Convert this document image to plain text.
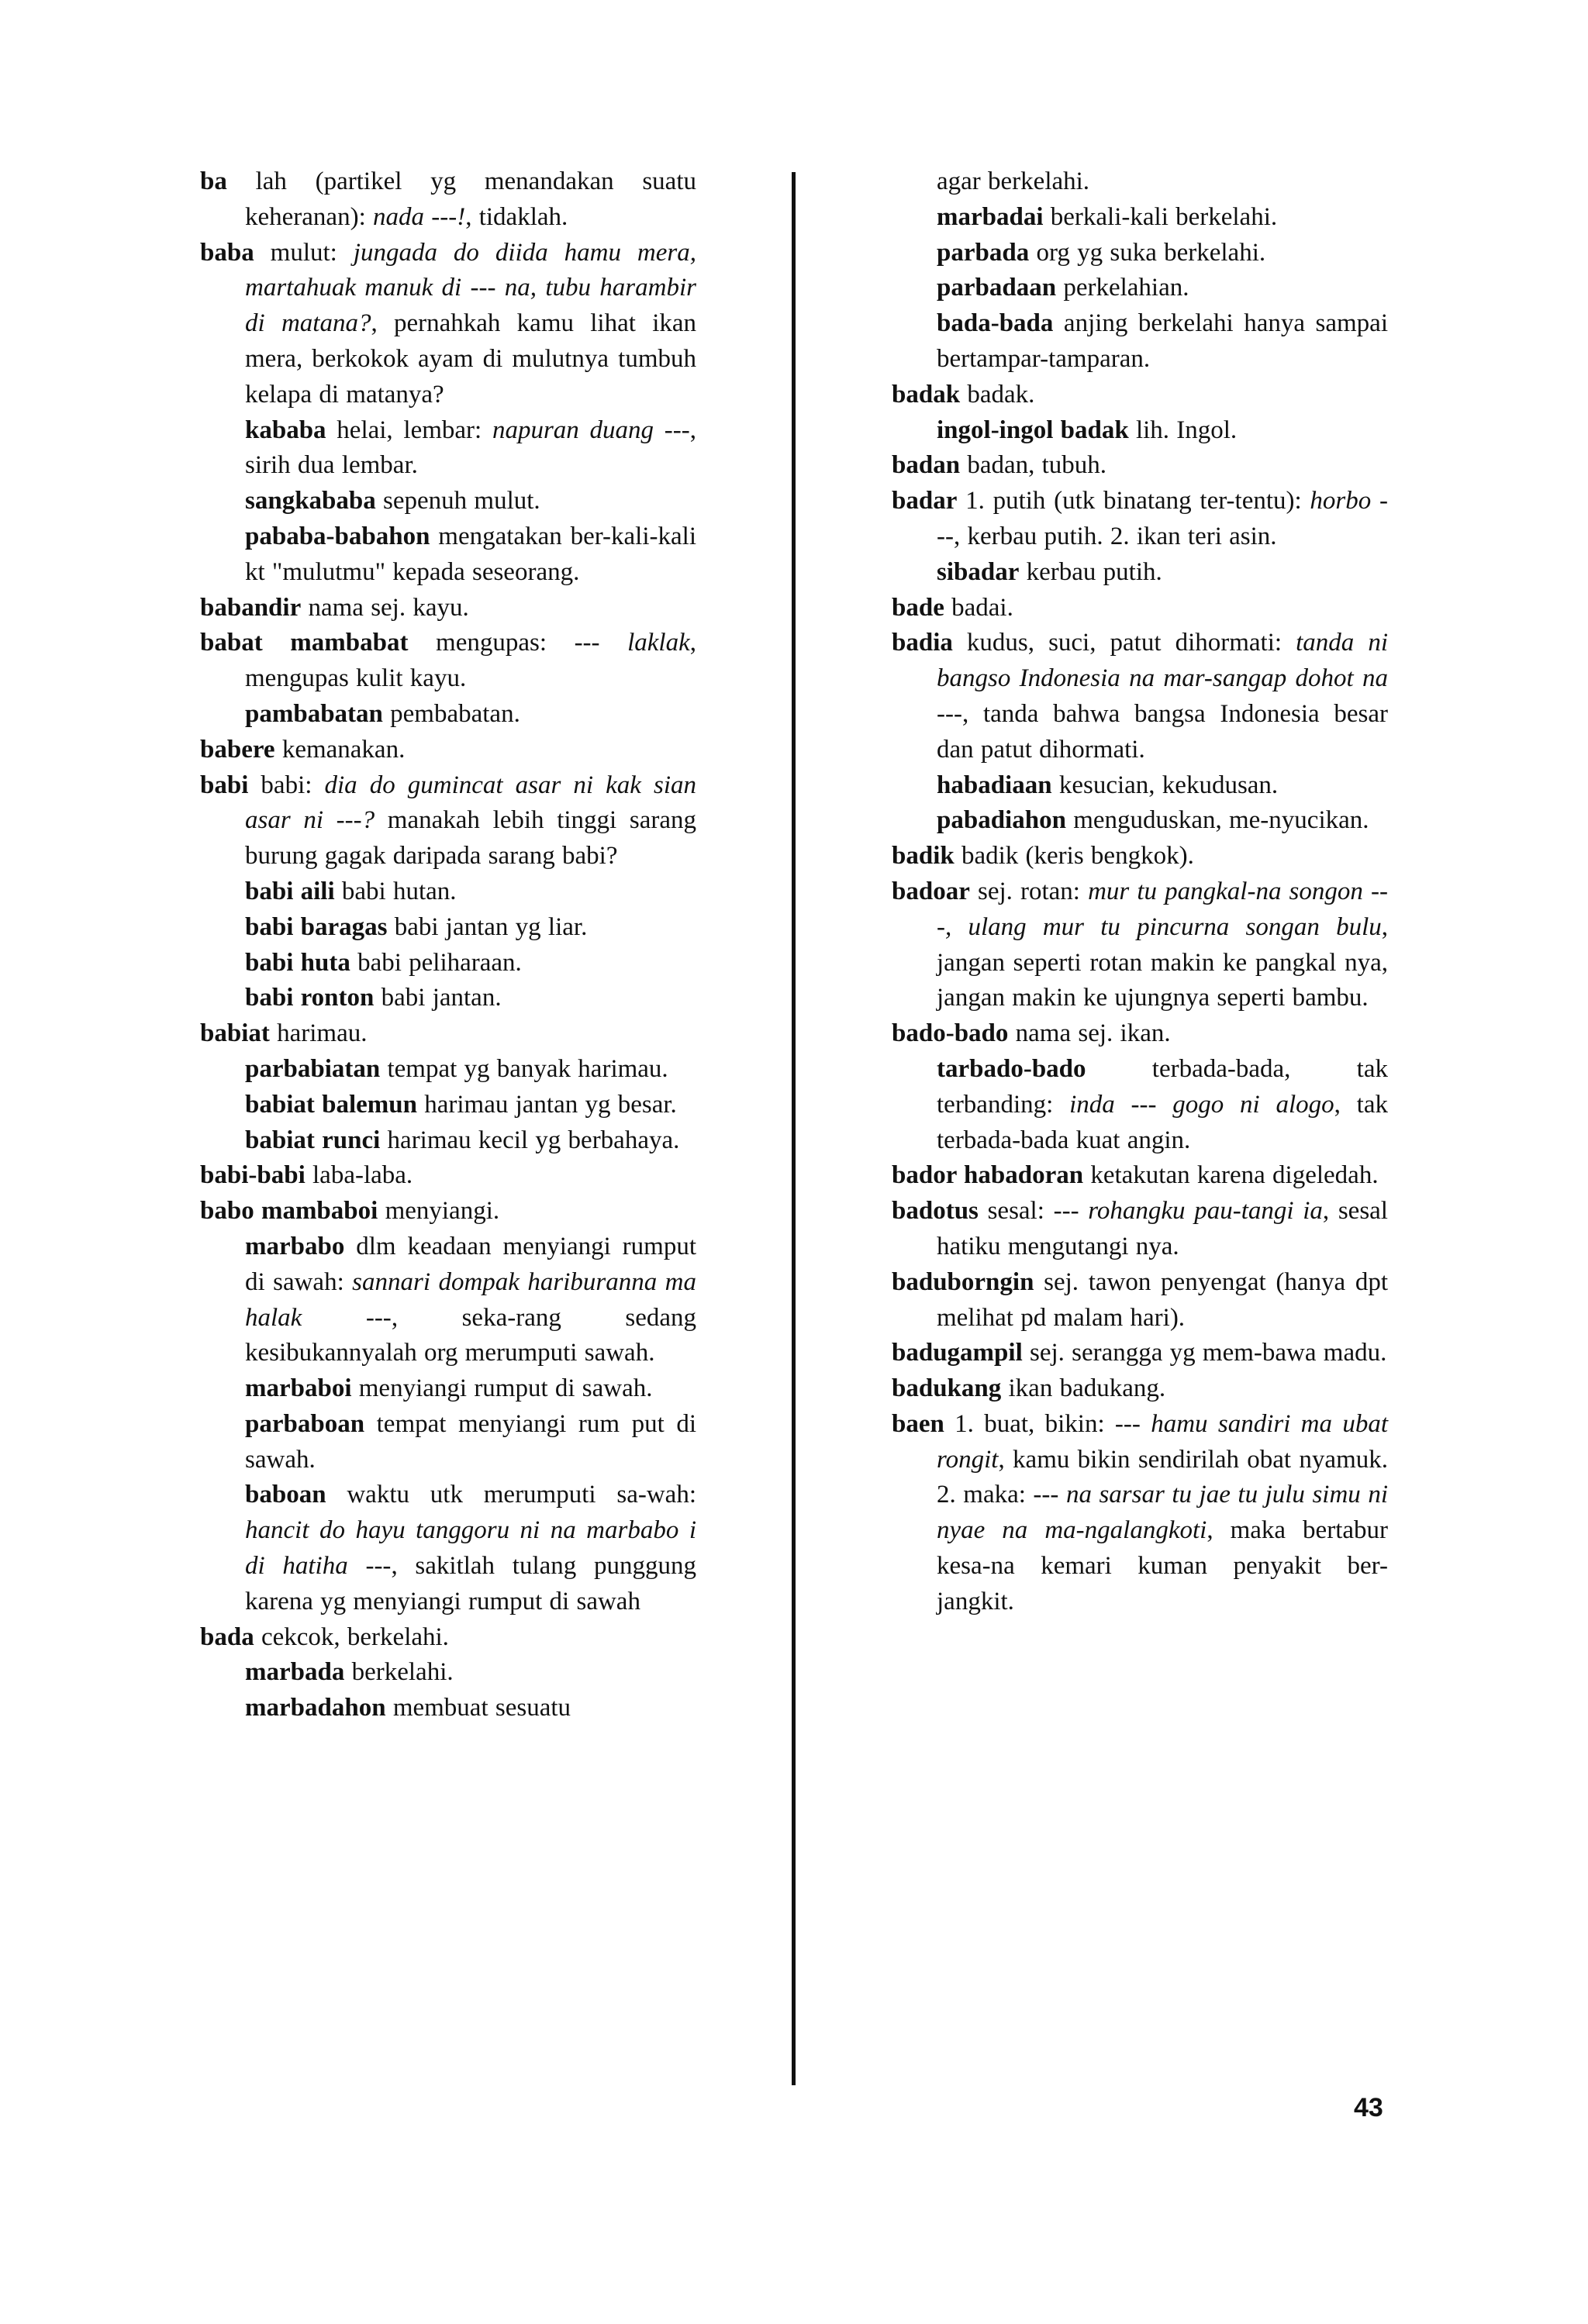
ba lah (partikel yg menandakan suatu keheranan): nada ---!, tidaklah.

baba mulut: jungada do diida hamu mera, martahuak manuk di --- na, tubu harambir di matana?, pernahkah kamu lihat ikan mera, berkokok ayam di mulutnya tumbuh kelapa di matanya?

kababa helai, lembar: napuran duang ---, sirih dua lembar.

sangkababa sepenuh mulut.

pababa-babahon mengatakan ber-kali-kali kt "mulutmu" kepada seseorang.

babandir nama sej. kayu.

babat mambabat mengupas: --- laklak, mengupas kulit kayu.

pambabatan pembabatan.

babere kemanakan.

babi babi: dia do gumincat asar ni kak sian asar ni ---? manakah lebih tinggi sarang burung gagak daripada sarang babi?

babi aili babi hutan.

babi baragas babi jantan yg liar.

babi huta babi peliharaan.

babi ronton babi jantan.

babiat harimau.

parbabiatan tempat yg banyak harimau.

babiat balemun harimau jantan yg besar.

babiat runci harimau kecil yg berbahaya.

babi-babi laba-laba.

babo mambaboi menyiangi.

marbabo dlm keadaan menyiangi rumput di sawah: sannari dompak hariburanna ma halak ---, seka-rang sedang kesibukannyalah org merumputi sawah.

marbaboi menyiangi rumput di sawah.

parbaboan tempat menyiangi rum put di sawah.

baboan waktu utk merumputi sa-wah: hancit do hayu tanggoru ni na marbabo i di hatiha ---, sakitlah tulang punggung karena yg menyiangi rumput di sawah

bada cekcok, berkelahi.

marbada berkelahi.

marbadahon membuat sesuatu

agar berkelahi.

marbadai berkali-kali berkelahi.

parbada org yg suka berkelahi.

parbadaan perkelahian.

bada-bada anjing berkelahi hanya sampai bertampar-tamparan.

badak badak.

ingol-ingol badak lih. Ingol.

badan badan, tubuh.

badar 1. putih (utk binatang ter-tentu): horbo ---, kerbau putih. 2. ikan teri asin.

sibadar kerbau putih.

bade badai.

badia kudus, suci, patut dihormati: tanda ni bangso Indonesia na mar-sangap dohot na ---, tanda bahwa bangsa Indonesia besar dan patut dihormati.

habadiaan kesucian, kekudusan.

pabadiahon menguduskan, me-nyucikan.

badik badik (keris bengkok).

badoar sej. rotan: mur tu pangkal-na songon ---, ulang mur tu pincurna songan bulu, jangan seperti rotan makin ke pangkal nya, jangan makin ke ujungnya seperti bambu.

bado-bado nama sej. ikan.

tarbado-bado terbada-bada, tak terbanding: inda --- gogo ni alogo, tak terbada-bada kuat angin.

bador habadoran ketakutan karena digeledah.

badotus sesal: --- rohangku pau-tangi ia, sesal hatiku mengutangi nya.

baduborngin sej. tawon penyengat (hanya dpt melihat pd malam hari).

badugampil sej. serangga yg mem-bawa madu.

badukang ikan badukang.

baen 1. buat, bikin: --- hamu sandiri ma ubat rongit, kamu bikin sendirilah obat nyamuk. 2. maka: --- na sarsar tu jae tu julu simu ni nyae na ma-ngalangkoti, maka bertabur kesa-na kemari kuman penyakit ber-jangkit.

43
